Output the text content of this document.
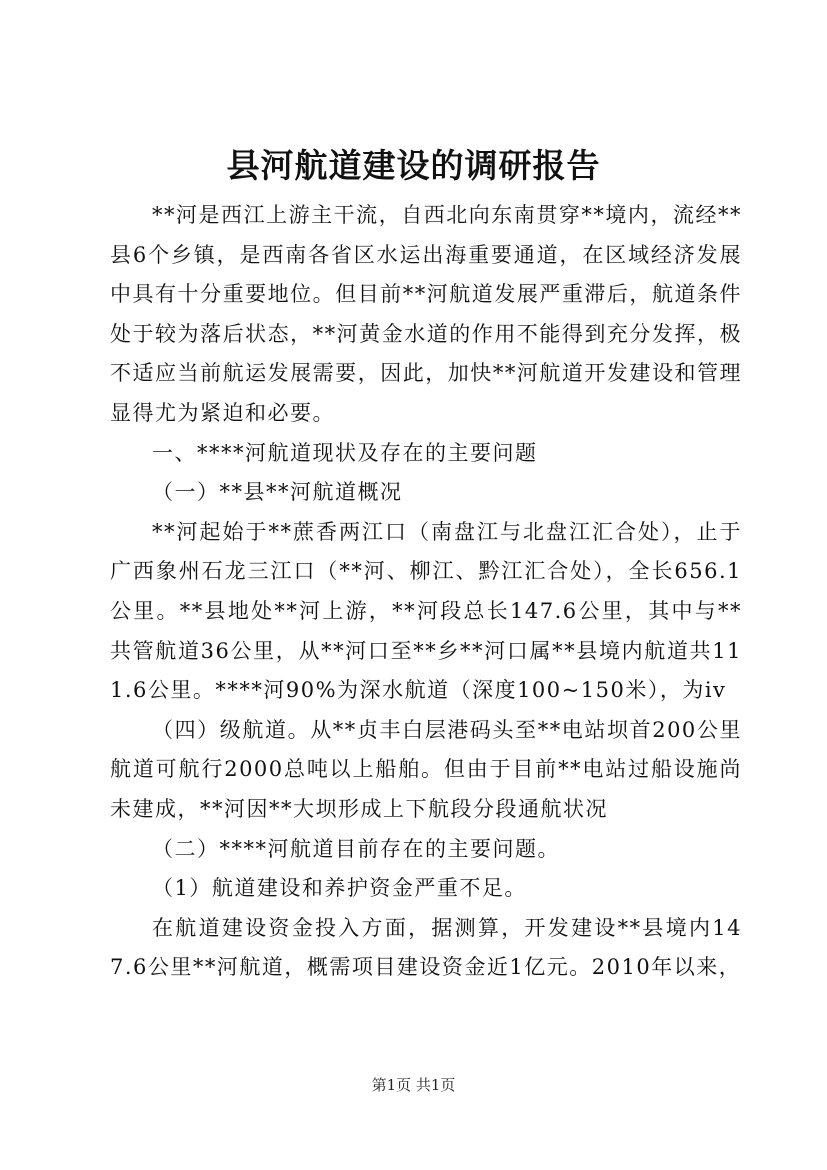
县河航道建设的调研报告

**河是西江上游主干流，自西北向东南贯穿**境内，流经**县6个乡镇，是西南各省区水运出海重要通道，在区域经济发展中具有十分重要地位。但目前**河航道发展严重滞后，航道条件处于较为落后状态，**河黄金水道的作用不能得到充分发挥，极不适应当前航运发展需要，因此，加快**河航道开发建设和管理显得尤为紧迫和必要。

一、****河航道现状及存在的主要问题

（一）**县**河航道概况

**河起始于**蔗香两江口（南盘江与北盘江汇合处），止于广西象州石龙三江口（**河、柳江、黔江汇合处），全长656.1公里。**县地处**河上游，**河段总长147.6公里，其中与**共管航道36公里，从**河口至**乡**河口属**县境内航道共111.6公里。****河90%为深水航道（深度100~150米），为iv

（四）级航道。从**贞丰白层港码头至**电站坝首200公里航道可航行2000总吨以上船舶。但由于目前**电站过船设施尚未建成，**河因**大坝形成上下航段分段通航状况

（二）****河航道目前存在的主要问题。

（1）航道建设和养护资金严重不足。

在航道建设资金投入方面，据测算，开发建设**县境内147.6公里**河航道，概需项目建设资金近1亿元。2010年以来，

第1页 共1页
